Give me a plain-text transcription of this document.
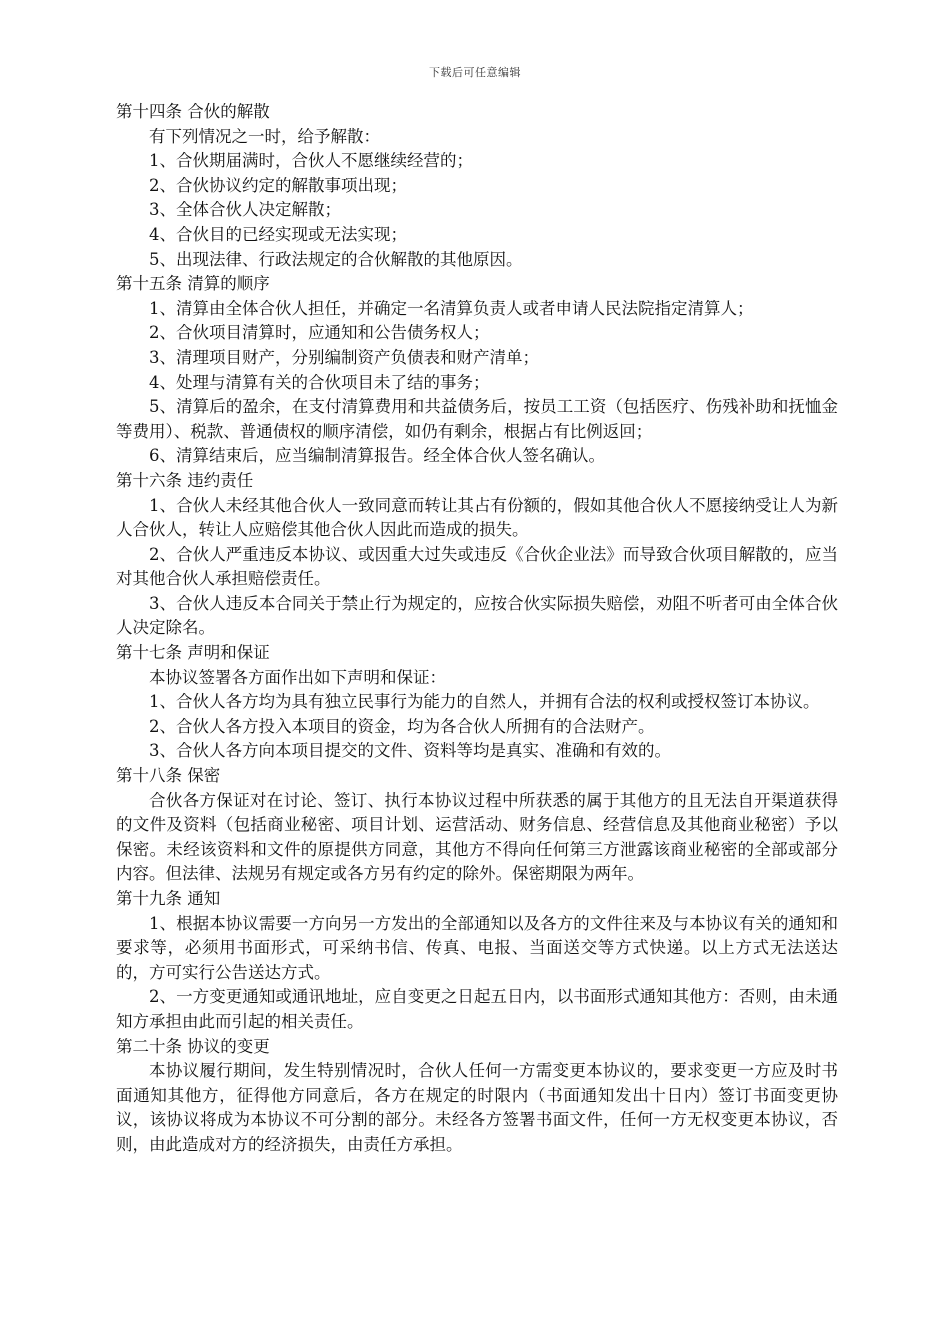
下载后可任意编辑

第十四条 合伙的解散

有下列情况之一时，给予解散：

1、合伙期届满时，合伙人不愿继续经营的；

2、合伙协议约定的解散事项出现；

3、全体合伙人决定解散；

4、合伙目的已经实现或无法实现；

5、出现法律、行政法规定的合伙解散的其他原因。

第十五条 清算的顺序

1、清算由全体合伙人担任，并确定一名清算负责人或者申请人民法院指定清算人；

2、合伙项目清算时，应通知和公告债务权人；

3、清理项目财产，分别编制资产负债表和财产清单；

4、处理与清算有关的合伙项目未了结的事务；

5、清算后的盈余，在支付清算费用和共益债务后，按员工工资（包括医疗、伤残补助和抚恤金等费用）、税款、普通债权的顺序清偿，如仍有剩余，根据占有比例返回；

6、清算结束后，应当编制清算报告。经全体合伙人签名确认。

第十六条 违约责任

1、合伙人未经其他合伙人一致同意而转让其占有份额的，假如其他合伙人不愿接纳受让人为新人合伙人，转让人应赔偿其他合伙人因此而造成的损失。

2、合伙人严重违反本协议、或因重大过失或违反《合伙企业法》而导致合伙项目解散的，应当对其他合伙人承担赔偿责任。

3、合伙人违反本合同关于禁止行为规定的，应按合伙实际损失赔偿，劝阻不听者可由全体合伙人决定除名。

第十七条 声明和保证

本协议签署各方面作出如下声明和保证：

1、合伙人各方均为具有独立民事行为能力的自然人，并拥有合法的权利或授权签订本协议。

2、合伙人各方投入本项目的资金，均为各合伙人所拥有的合法财产。

3、合伙人各方向本项目提交的文件、资料等均是真实、准确和有效的。

第十八条 保密

合伙各方保证对在讨论、签订、执行本协议过程中所获悉的属于其他方的且无法自开渠道获得的文件及资料（包括商业秘密、项目计划、运营活动、财务信息、经营信息及其他商业秘密）予以保密。未经该资料和文件的原提供方同意，其他方不得向任何第三方泄露该商业秘密的全部或部分内容。但法律、法规另有规定或各方另有约定的除外。保密期限为两年。

第十九条 通知

1、根据本协议需要一方向另一方发出的全部通知以及各方的文件往来及与本协议有关的通知和要求等，必须用书面形式，可采纳书信、传真、电报、当面送交等方式快递。以上方式无法送达的，方可实行公告送达方式。

2、一方变更通知或通讯地址，应自变更之日起五日内，以书面形式通知其他方：否则，由未通知方承担由此而引起的相关责任。

第二十条 协议的变更

本协议履行期间，发生特别情况时，合伙人任何一方需变更本协议的，要求变更一方应及时书面通知其他方，征得他方同意后，各方在规定的时限内（书面通知发出十日内）签订书面变更协议，该协议将成为本协议不可分割的部分。未经各方签署书面文件，任何一方无权变更本协议，否则，由此造成对方的经济损失，由责任方承担。
